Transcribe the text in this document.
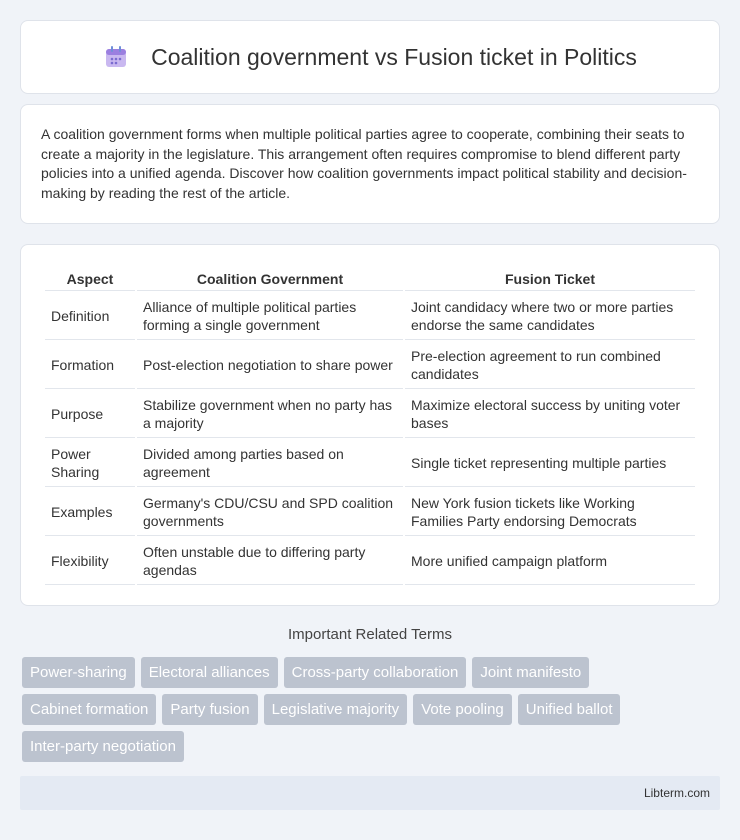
Coalition government vs Fusion ticket in Politics

A coalition government forms when multiple political parties agree to cooperate, combining their seats to create a majority in the legislature. This arrangement often requires compromise to blend different party policies into a unified agenda. Discover how coalition governments impact political stability and decision-making by reading the rest of the article.

Aspect	Coalition Government	Fusion Ticket
Definition	Alliance of multiple political parties forming a single government	Joint candidacy where two or more parties endorse the same candidates
Formation	Post-election negotiation to share power	Pre-election agreement to run combined candidates
Purpose	Stabilize government when no party has a majority	Maximize electoral success by uniting voter bases
Power Sharing	Divided among parties based on agreement	Single ticket representing multiple parties
Examples	Germany's CDU/CSU and SPD coalition governments	New York fusion tickets like Working Families Party endorsing Democrats
Flexibility	Often unstable due to differing party agendas	More unified campaign platform
Important Related Terms
Power-sharing	Electoral alliances	Cross-party collaboration	Joint manifesto
Cabinet formation	Party fusion	Legislative majority	Vote pooling	Unified ballot
Inter-party negotiation
Libterm.com
